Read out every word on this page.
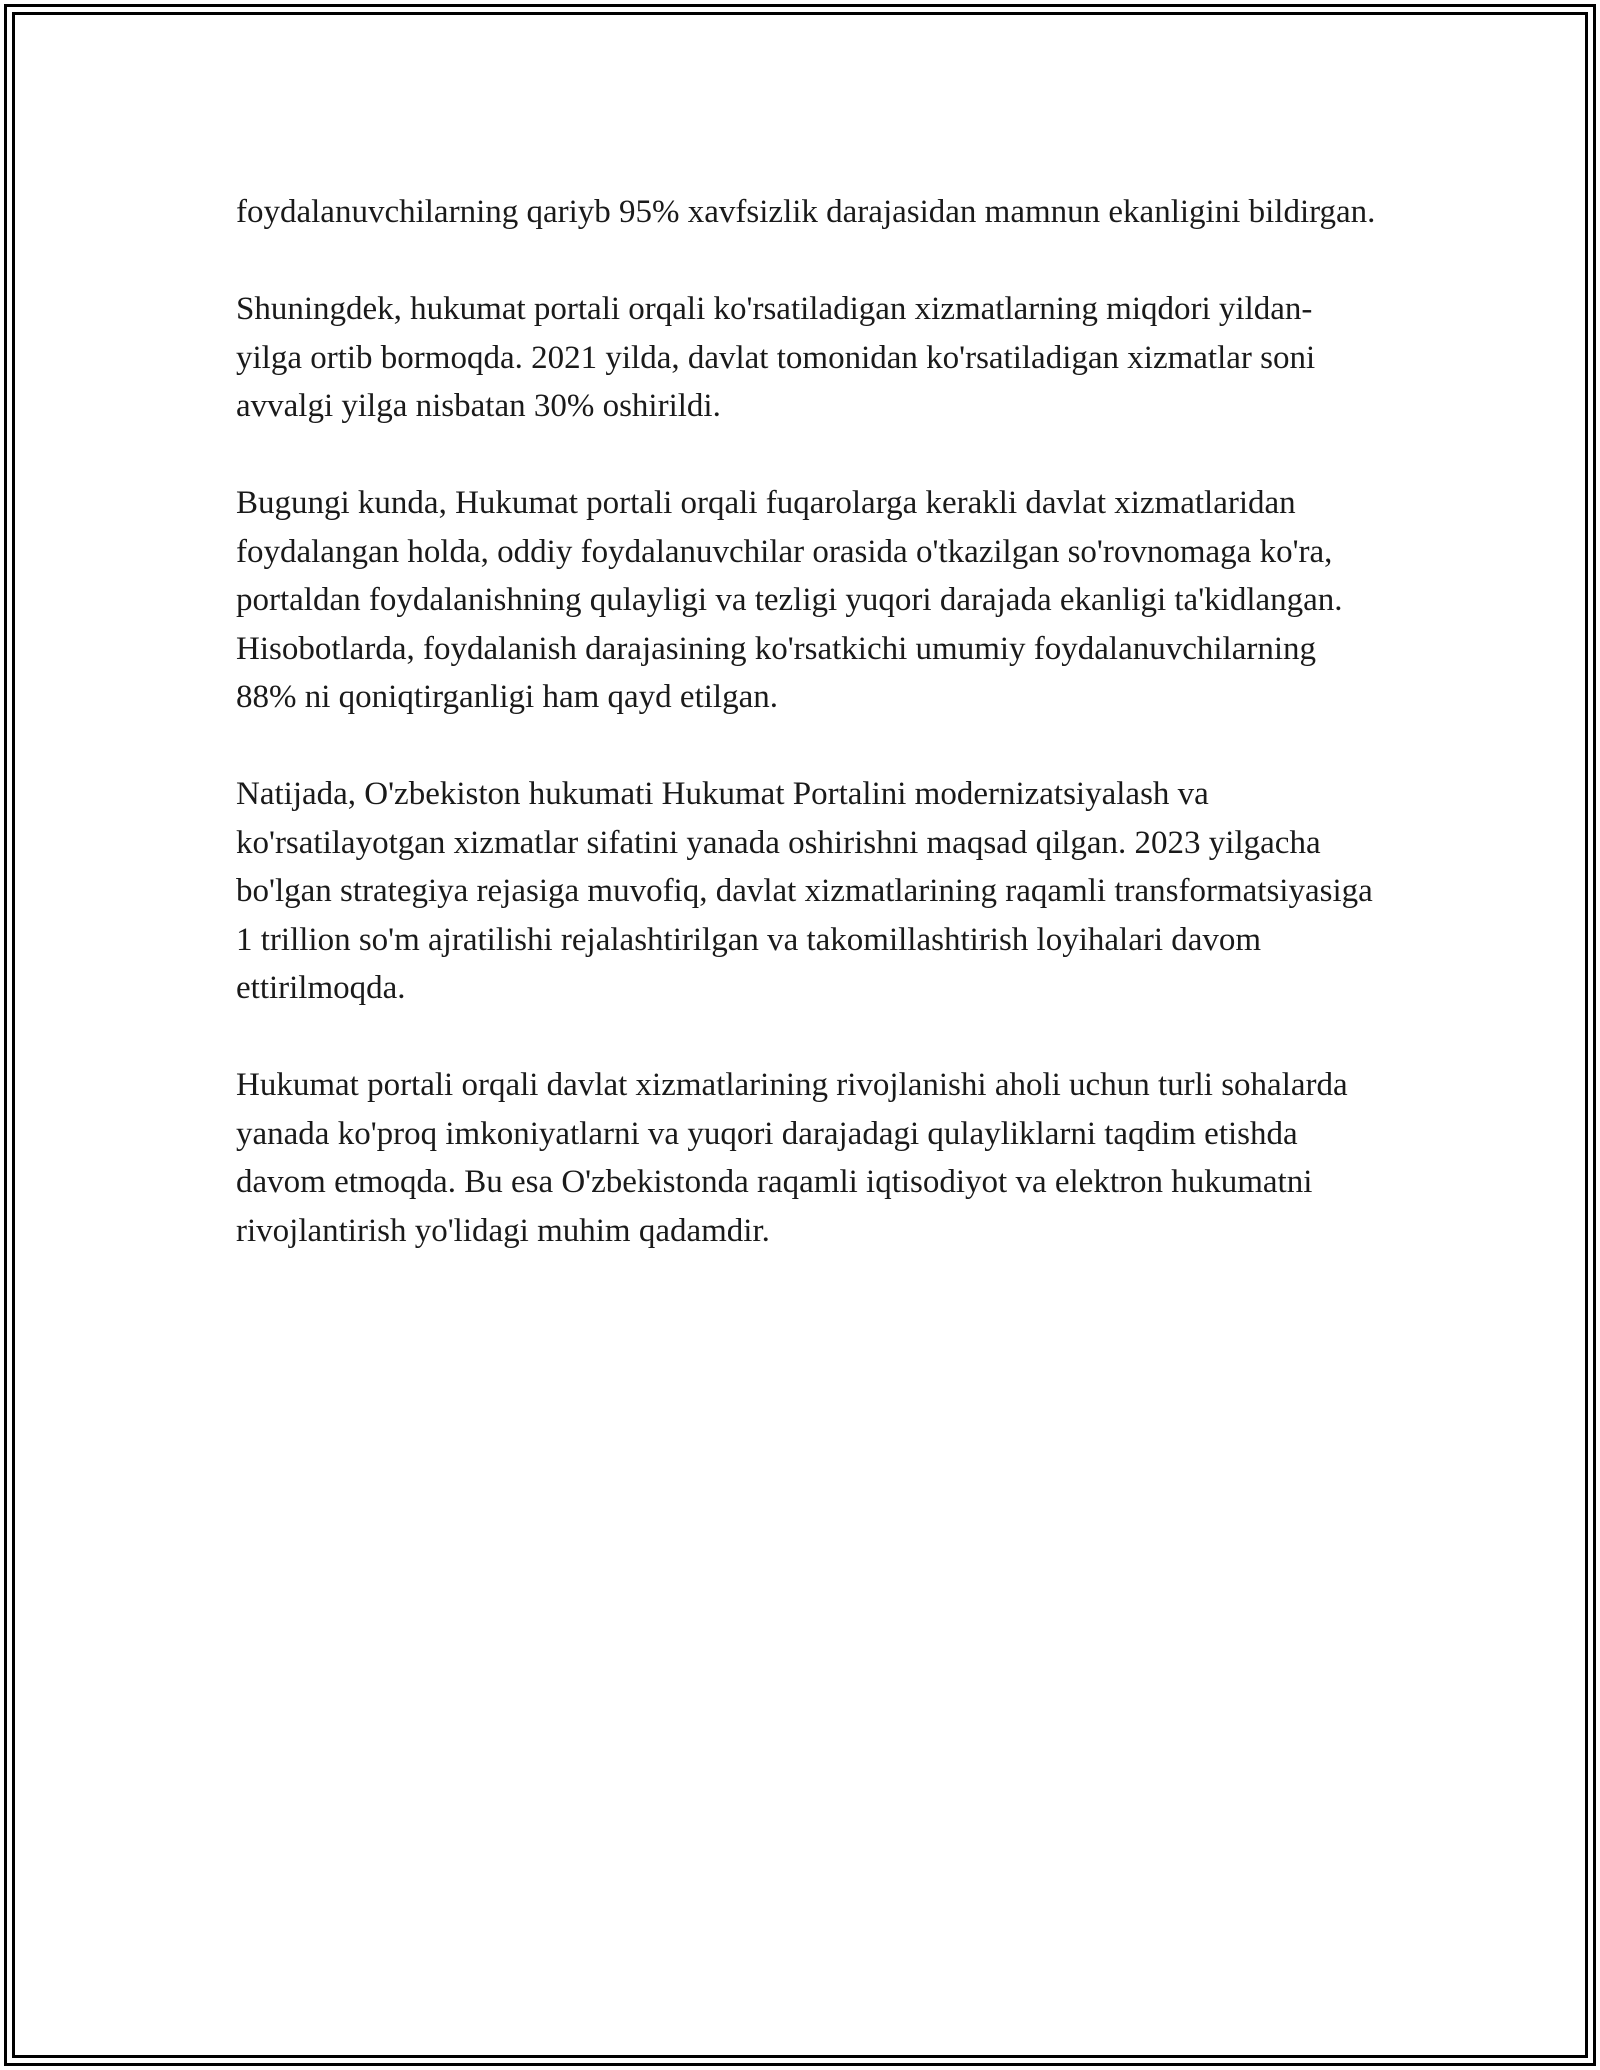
foydalanuvchilarning qariyb 95% xavfsizlik darajasidan mamnun ekanligini bildirgan.

Shuningdek, hukumat portali orqali ko'rsatiladigan xizmatlarning miqdori yildan-yilga ortib bormoqda. 2021 yilda, davlat tomonidan ko'rsatiladigan xizmatlar soni avvalgi yilga nisbatan 30% oshirildi.

Bugungi kunda, Hukumat portali orqali fuqarolarga kerakli davlat xizmatlaridan foydalangan holda, oddiy foydalanuvchilar orasida o'tkazilgan so'rovnomaga ko'ra, portaldan foydalanishning qulayligi va tezligi yuqori darajada ekanligi ta'kidlangan. Hisobotlarda, foydalanish darajasining ko'rsatkichi umumiy foydalanuvchilarning 88% ni qoniqtirganligi ham qayd etilgan.

Natijada, O'zbekiston hukumati Hukumat Portalini modernizatsiyalash va ko'rsatilayotgan xizmatlar sifatini yanada oshirishni maqsad qilgan. 2023 yilgacha bo'lgan strategiya rejasiga muvofiq, davlat xizmatlarining raqamli transformatsiyasiga 1 trillion so'm ajratilishi rejalashtirilgan va takomillashtirish loyihalari davom ettirilmoqda.

Hukumat portali orqali davlat xizmatlarining rivojlanishi aholi uchun turli sohalarda yanada ko'proq imkoniyatlarni va yuqori darajadagi qulayliklarni taqdim etishda davom etmoqda. Bu esa O'zbekistonda raqamli iqtisodiyot va elektron hukumatni rivojlantirish yo'lidagi muhim qadamdir.
